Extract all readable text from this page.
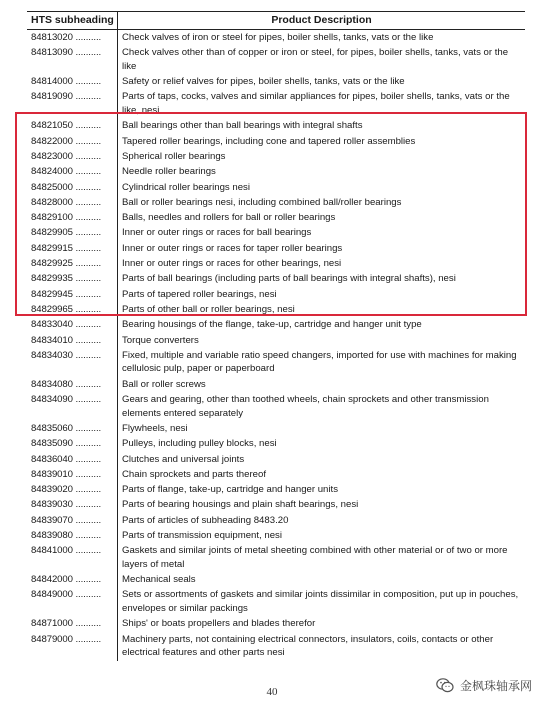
HTS subheading	Product Description
84813020 ..........	Check valves of iron or steel for pipes, boiler shells, tanks, vats or the like
84813090 ..........	Check valves other than of copper or iron or steel, for pipes, boiler shells, tanks, vats or the like
84814000 ..........	Safety or relief valves for pipes, boiler shells, tanks, vats or the like
84819090 ..........	Parts of taps, cocks, valves and similar appliances for pipes, boiler shells, tanks, vats or the like, nesi
84821050 ..........	Ball bearings other than ball bearings with integral shafts
84822000 ..........	Tapered roller bearings, including cone and tapered roller assemblies
84823000 ..........	Spherical roller bearings
84824000 ..........	Needle roller bearings
84825000 ..........	Cylindrical roller bearings nesi
84828000 ..........	Ball or roller bearings nesi, including combined ball/roller bearings
84829100 ..........	Balls, needles and rollers for ball or roller bearings
84829905 ..........	Inner or outer rings or races for ball bearings
84829915 ..........	Inner or outer rings or races for taper roller bearings
84829925 ..........	Inner or outer rings or races for other bearings, nesi
84829935 ..........	Parts of ball bearings (including parts of ball bearings with integral shafts), nesi
84829945 ..........	Parts of tapered roller bearings, nesi
84829965 ..........	Parts of other ball or roller bearings, nesi
84833040 ..........	Bearing housings of the flange, take-up, cartridge and hanger unit type
84834010 ..........	Torque converters
84834030 ..........	Fixed, multiple and variable ratio speed changers, imported for use with machines for making cellulosic pulp, paper or paperboard
84834080 ..........	Ball or roller screws
84834090 ..........	Gears and gearing, other than toothed wheels, chain sprockets and other transmission elements entered separately
84835060 ..........	Flywheels, nesi
84835090 ..........	Pulleys, including pulley blocks, nesi
84836040 ..........	Clutches and universal joints
84839010 ..........	Chain sprockets and parts thereof
84839020 ..........	Parts of flange, take-up, cartridge and hanger units
84839030 ..........	Parts of bearing housings and plain shaft bearings, nesi
84839070 ..........	Parts of articles of subheading 8483.20
84839080 ..........	Parts of transmission equipment, nesi
84841000 ..........	Gaskets and similar joints of metal sheeting combined with other material or of two or more layers of metal
84842000 ..........	Mechanical seals
84849000 ..........	Sets or assortments of gaskets and similar joints dissimilar in composition, put up in pouches, envelopes or similar packings
84871000 ..........	Ships' or boats propellers and blades therefor
84879000 ..........	Machinery parts, not containing electrical connectors, insulators, coils, contacts or other electrical features and other parts nesi
40	金枫珠轴承网
